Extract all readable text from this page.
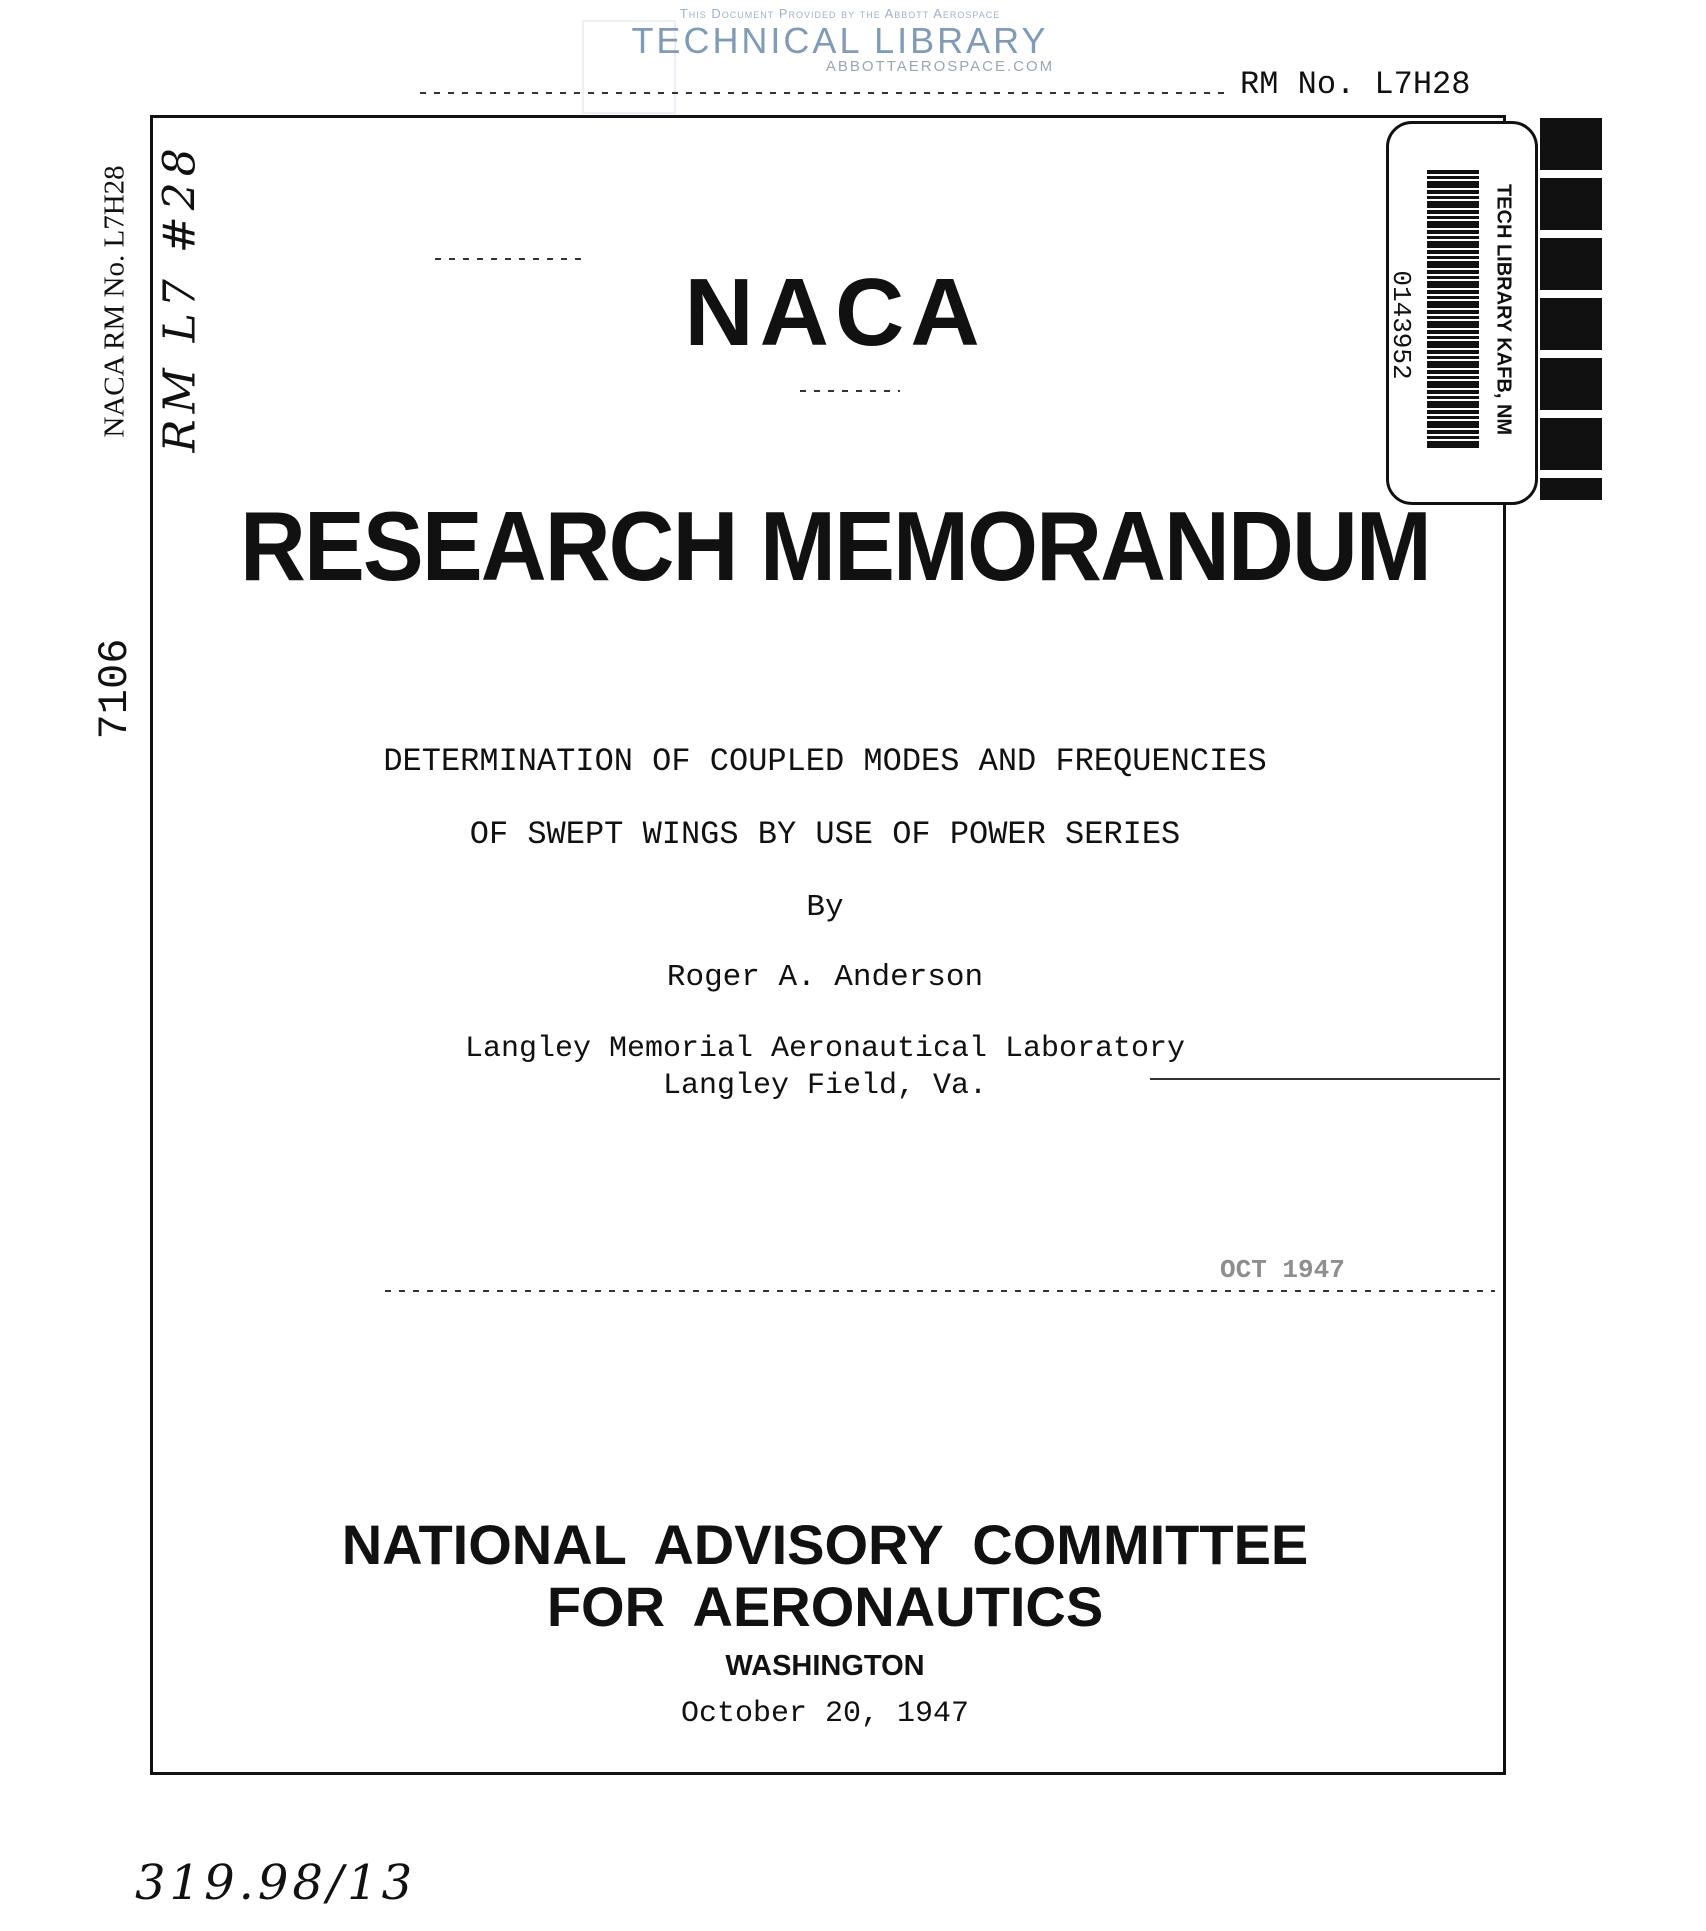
This Document Provided by the Abbott Aerospace
TECHNICAL LIBRARY
ABBOTTAEROSPACE.COM	RM No. L7H28
NACA RM No. L7H28 RM L7 #28
7106
NACA	TECH LIBRARY KAFB, NM
0143952
RESEARCH MEMORANDUM
DETERMINATION OF COUPLED MODES AND FREQUENCIES
OF SWEPT WINGS BY USE OF POWER SERIES
By
Roger A. Anderson
Langley Memorial Aeronautical Laboratory
Langley Field, Va.
OCT 1947
NATIONAL ADVISORY COMMITTEE
FOR AERONAUTICS
WASHINGTON
October 20, 1947
319.98/13
